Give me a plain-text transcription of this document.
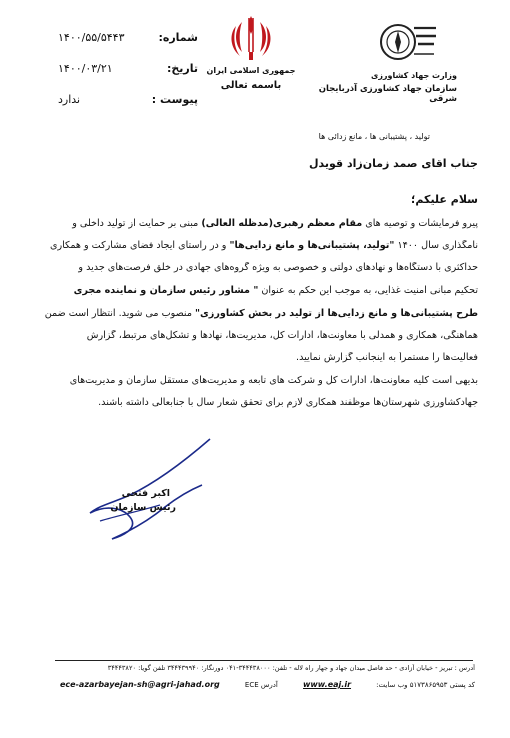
شماره:
۱۴۰۰/۵۵/۵۴۴۳
تاریخ:
۱۴۰۰/۰۳/۲۱
پیوست :
ندارد
جمهوری اسلامی ایران
باسمه تعالی
وزارت جهاد کشاورزی
سازمان جهاد کشاورزی آذربایجان شرقی
تولید ، پشتیبانی ها ، مانع زدائی ها
جناب اقای صمد زمان‌زاد قویدل
سلام علیکم؛
پیرو فرمایشات و توصیه های مقام معظم رهبری(مدظله العالی) مبنی بر حمایت از تولید داخلی و
نامگذاری سال ۱۴۰۰ "تولید، پشتیبانی‌ها و مانع زدایی‌ها" و در راستای ایجاد فضای مشارکت و همکاری
حداکثری با دستگاه‌ها و نهادهای دولتی و خصوصی به ویژه گروه‌های جهادی در خلق فرصت‌های جدید و
تحکیم مبانی امنیت غذایی، به موجب این حکم به عنوان " مشاور رئیس سازمان و نماینده مجری
طرح پشتیبانی‌ها و مانع زدایی‌ها از تولید در بخش کشاورزی" منصوب می شوید. انتظار است ضمن
هماهنگی، همکاری و همدلی با معاونت‌ها، ادارات کل، مدیریت‌ها، نهادها و تشکل‌های مرتبط، گزارش
فعالیت‌ها را مستمراً به اینجانب گزارش نمایید.
بدیهی است کلیه معاونت‌ها، ادارات کل و شرکت های تابعه و مدیریت‌های مستقل سازمان و مدیریت‌های
جهادکشاورزی شهرستان‌ها موظفند همکاری لازم برای تحقق شعار سال با جنابعالی داشته باشند.
اکبر فتحی
رئیس سازمان
آدرس : تبریز - خیابان آزادی - حد فاصل میدان جهاد و جهار راه لاله - تلفن: ۳۴۴۴۳۸۰۰۰-۰۴۱ دورنگار: ۳۴۴۴۳۹۹۴۰ تلفن گویا: ۳۴۴۴۳۸۲۰
ece-azarbayejan-sh@agri-jahad.org	آدرس ECE	www.eaj.ir	کد پستی ۵۱۷۳۸۶۵۹۵۳ وب سایت:
